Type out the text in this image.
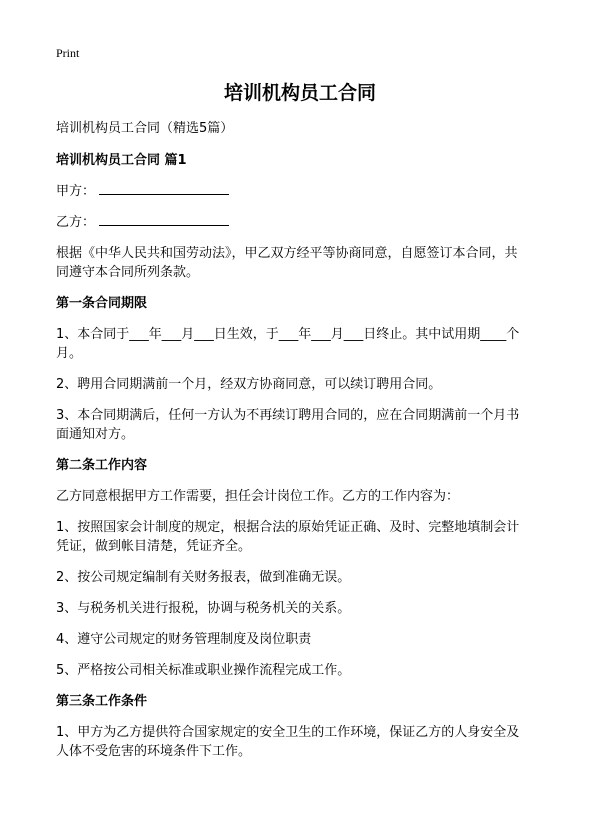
Print
培训机构员工合同
培训机构员工合同（精选5篇）
培训机构员工合同 篇1
甲方：
乙方：
根据《中华人民共和国劳动法》，甲乙双方经平等协商同意，自愿签订本合同，共
同遵守本合同所列条款。
第一条合同期限
1、本合同于___年___月___日生效，于___年___月___日终止。其中试用期____个
月。
2、聘用合同期满前一个月，经双方协商同意，可以续订聘用合同。
3、本合同期满后，任何一方认为不再续订聘用合同的，应在合同期满前一个月书
面通知对方。
第二条工作内容
乙方同意根据甲方工作需要，担任会计岗位工作。乙方的工作内容为：
1、按照国家会计制度的规定，根据合法的原始凭证正确、及时、完整地填制会计
凭证，做到帐目清楚，凭证齐全。
2、按公司规定编制有关财务报表，做到准确无误。
3、与税务机关进行报税，协调与税务机关的关系。
4、遵守公司规定的财务管理制度及岗位职责
5、严格按公司相关标准或职业操作流程完成工作。
第三条工作条件
1、甲方为乙方提供符合国家规定的安全卫生的工作环境，保证乙方的人身安全及
人体不受危害的环境条件下工作。
